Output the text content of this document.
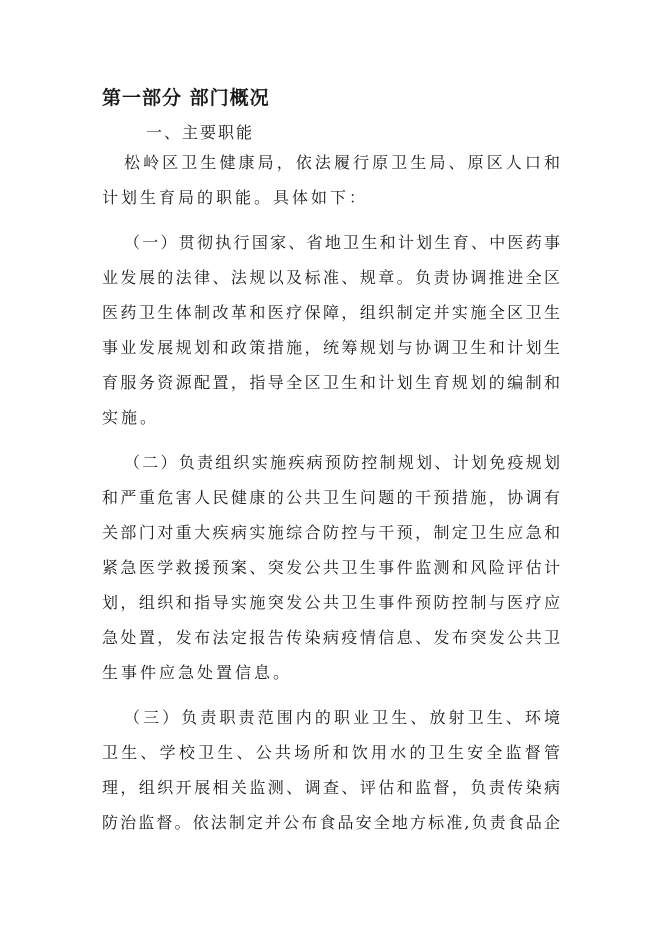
第一部分 部门概况
一、主要职能
松岭区卫生健康局，依法履行原卫生局、原区人口和
计划生育局的职能。具体如下：
（一）贯彻执行国家、省地卫生和计划生育、中医药事
业发展的法律、法规以及标准、规章。负责协调推进全区
医药卫生体制改革和医疗保障，组织制定并实施全区卫生
事业发展规划和政策措施，统筹规划与协调卫生和计划生
育服务资源配置，指导全区卫生和计划生育规划的编制和
实施。
（二）负责组织实施疾病预防控制规划、计划免疫规划
和严重危害人民健康的公共卫生问题的干预措施，协调有
关部门对重大疾病实施综合防控与干预，制定卫生应急和
紧急医学救援预案、突发公共卫生事件监测和风险评估计
划，组织和指导实施突发公共卫生事件预防控制与医疗应
急处置，发布法定报告传染病疫情信息、发布突发公共卫
生事件应急处置信息。
（三）负责职责范围内的职业卫生、放射卫生、环境
卫生、学校卫生、公共场所和饮用水的卫生安全监督管
理，组织开展相关监测、调查、评估和监督，负责传染病
防治监督。依法制定并公布食品安全地方标准,负责食品企
